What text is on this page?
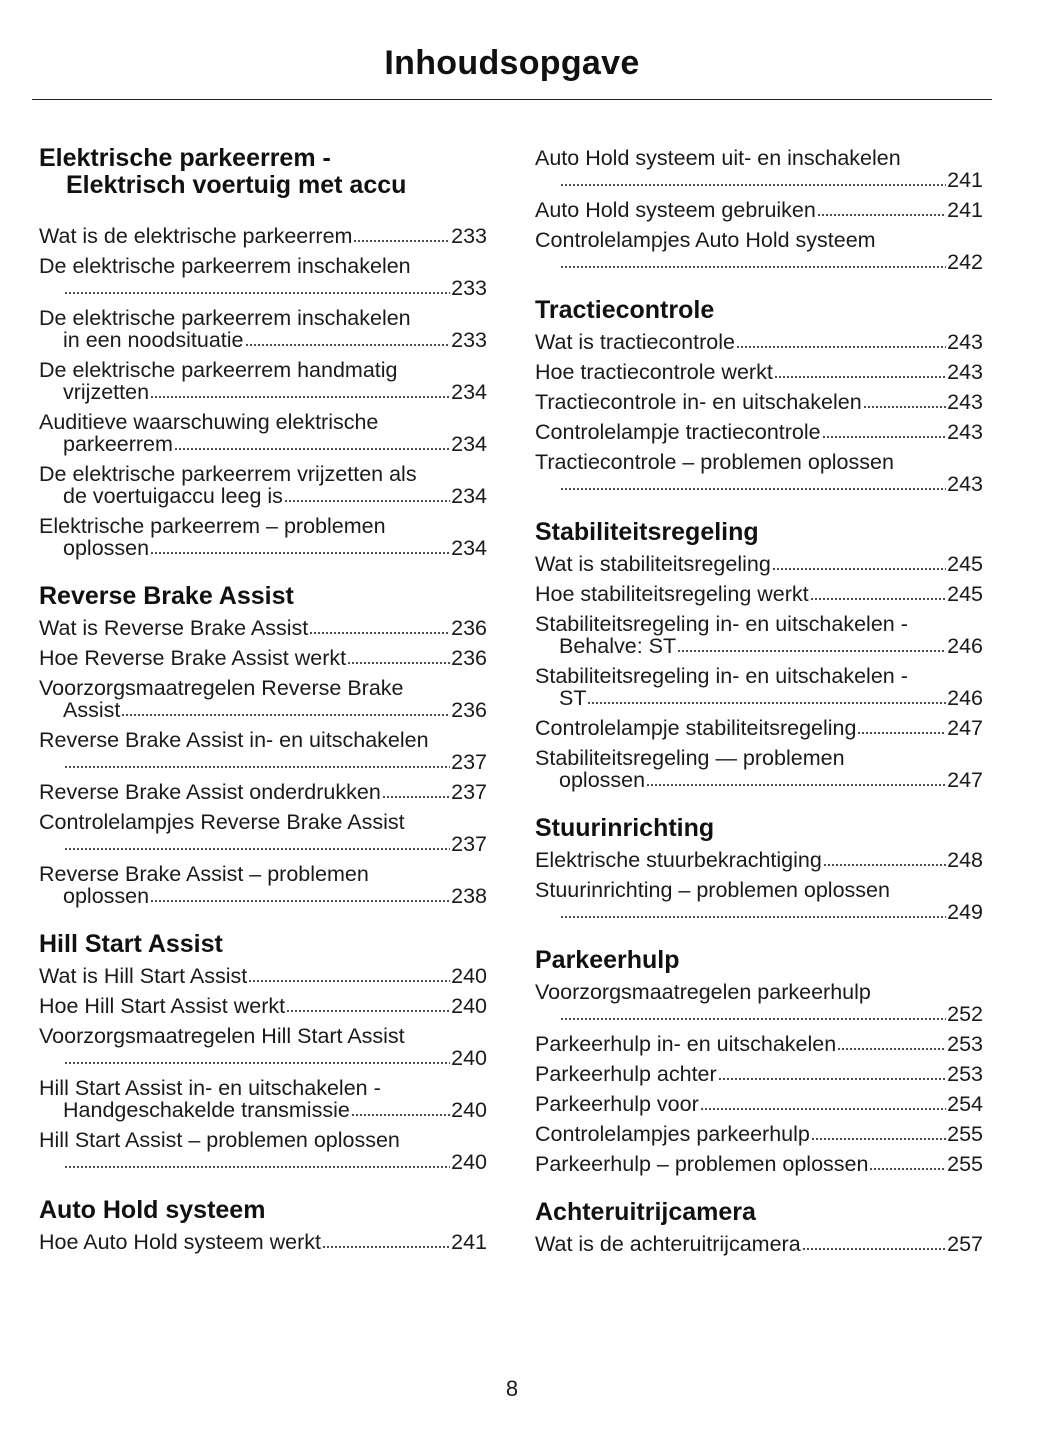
Inhoudsopgave
Elektrische parkeerrem -
Elektrisch voertuig met accu
Wat is de elektrische parkeerrem	233
De elektrische parkeerrem inschakelen
233
De elektrische parkeerrem inschakelen
in een noodsituatie	233
De elektrische parkeerrem handmatig
vrijzetten	234
Auditieve waarschuwing elektrische
parkeerrem	234
De elektrische parkeerrem vrijzetten als
de voertuigaccu leeg is	234
Elektrische parkeerrem – problemen
oplossen	234
Reverse Brake Assist
Wat is Reverse Brake Assist	236
Hoe Reverse Brake Assist werkt	236
Voorzorgsmaatregelen Reverse Brake
Assist	236
Reverse Brake Assist in- en uitschakelen
237
Reverse Brake Assist onderdrukken	237
Controlelampjes Reverse Brake Assist
237
Reverse Brake Assist – problemen
oplossen	238
Hill Start Assist
Wat is Hill Start Assist	240
Hoe Hill Start Assist werkt	240
Voorzorgsmaatregelen Hill Start Assist
240
Hill Start Assist in- en uitschakelen -
Handgeschakelde transmissie	240
Hill Start Assist – problemen oplossen
240
Auto Hold systeem
Hoe Auto Hold systeem werkt	241
Auto Hold systeem uit- en inschakelen
241
Auto Hold systeem gebruiken	241
Controlelampjes Auto Hold systeem
242
Tractiecontrole
Wat is tractiecontrole	243
Hoe tractiecontrole werkt	243
Tractiecontrole in- en uitschakelen	243
Controlelampje tractiecontrole	243
Tractiecontrole – problemen oplossen
243
Stabiliteitsregeling
Wat is stabiliteitsregeling	245
Hoe stabiliteitsregeling werkt	245
Stabiliteitsregeling in- en uitschakelen -
Behalve: ST	246
Stabiliteitsregeling in- en uitschakelen -
ST	246
Controlelampje stabiliteitsregeling	247
Stabiliteitsregeling — problemen
oplossen	247
Stuurinrichting
Elektrische stuurbekrachtiging	248
Stuurinrichting – problemen oplossen
249
Parkeerhulp
Voorzorgsmaatregelen parkeerhulp
252
Parkeerhulp in- en uitschakelen	253
Parkeerhulp achter	253
Parkeerhulp voor	254
Controlelampjes parkeerhulp	255
Parkeerhulp – problemen oplossen	255
Achteruitrijcamera
Wat is de achteruitrijcamera	257
8
